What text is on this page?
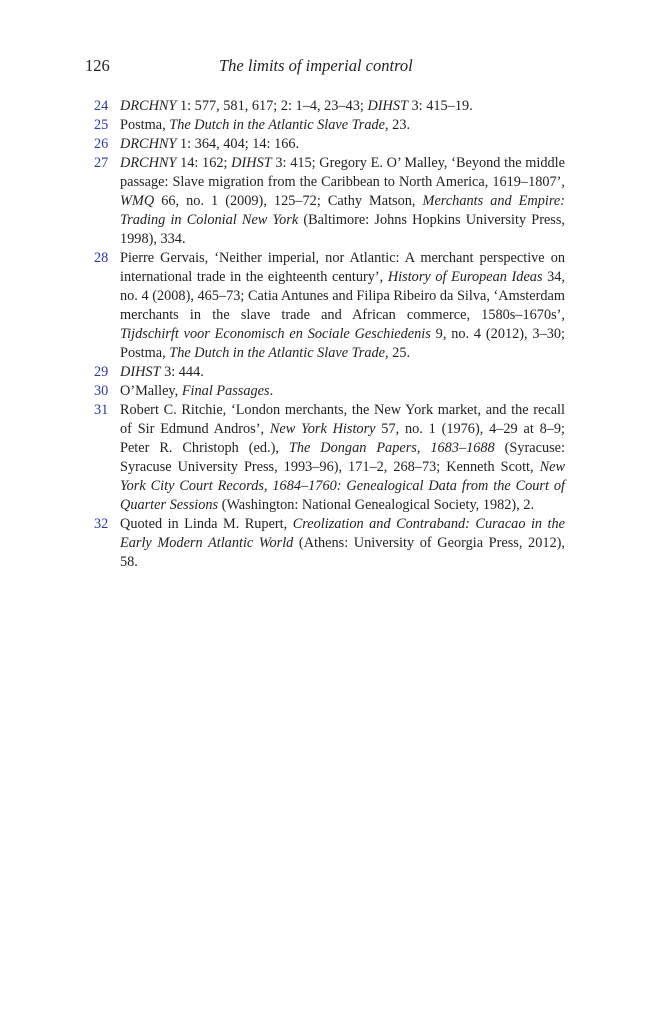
126	The limits of imperial control
24 DRCHNY 1: 577, 581, 617; 2: 1–4, 23–43; DIHST 3: 415–19.
25 Postma, The Dutch in the Atlantic Slave Trade, 23.
26 DRCHNY 1: 364, 404; 14: 166.
27 DRCHNY 14: 162; DIHST 3: 415; Gregory E. O’ Malley, ‘Beyond the middle passage: Slave migration from the Caribbean to North America, 1619–1807’, WMQ 66, no. 1 (2009), 125–72; Cathy Matson, Merchants and Empire: Trading in Colonial New York (Baltimore: Johns Hopkins University Press, 1998), 334.
28 Pierre Gervais, ‘Neither imperial, nor Atlantic: A merchant perspective on international trade in the eighteenth century’, History of European Ideas 34, no. 4 (2008), 465–73; Catia Antunes and Filipa Ribeiro da Silva, ‘Amsterdam merchants in the slave trade and African commerce, 1580s–1670s’, Tijdschirft voor Economisch en Sociale Geschiedenis 9, no. 4 (2012), 3–30; Postma, The Dutch in the Atlantic Slave Trade, 25.
29 DIHST 3: 444.
30 O’Malley, Final Passages.
31 Robert C. Ritchie, ‘London merchants, the New York market, and the recall of Sir Edmund Andros’, New York History 57, no. 1 (1976), 4–29 at 8–9; Peter R. Christoph (ed.), The Dongan Papers, 1683–1688 (Syracuse: Syracuse University Press, 1993–96), 171–2, 268–73; Kenneth Scott, New York City Court Records, 1684–1760: Genealogical Data from the Court of Quarter Sessions (Washington: National Genealogical Society, 1982), 2.
32 Quoted in Linda M. Rupert, Creolization and Contraband: Curacao in the Early Modern Atlantic World (Athens: University of Georgia Press, 2012), 58.
